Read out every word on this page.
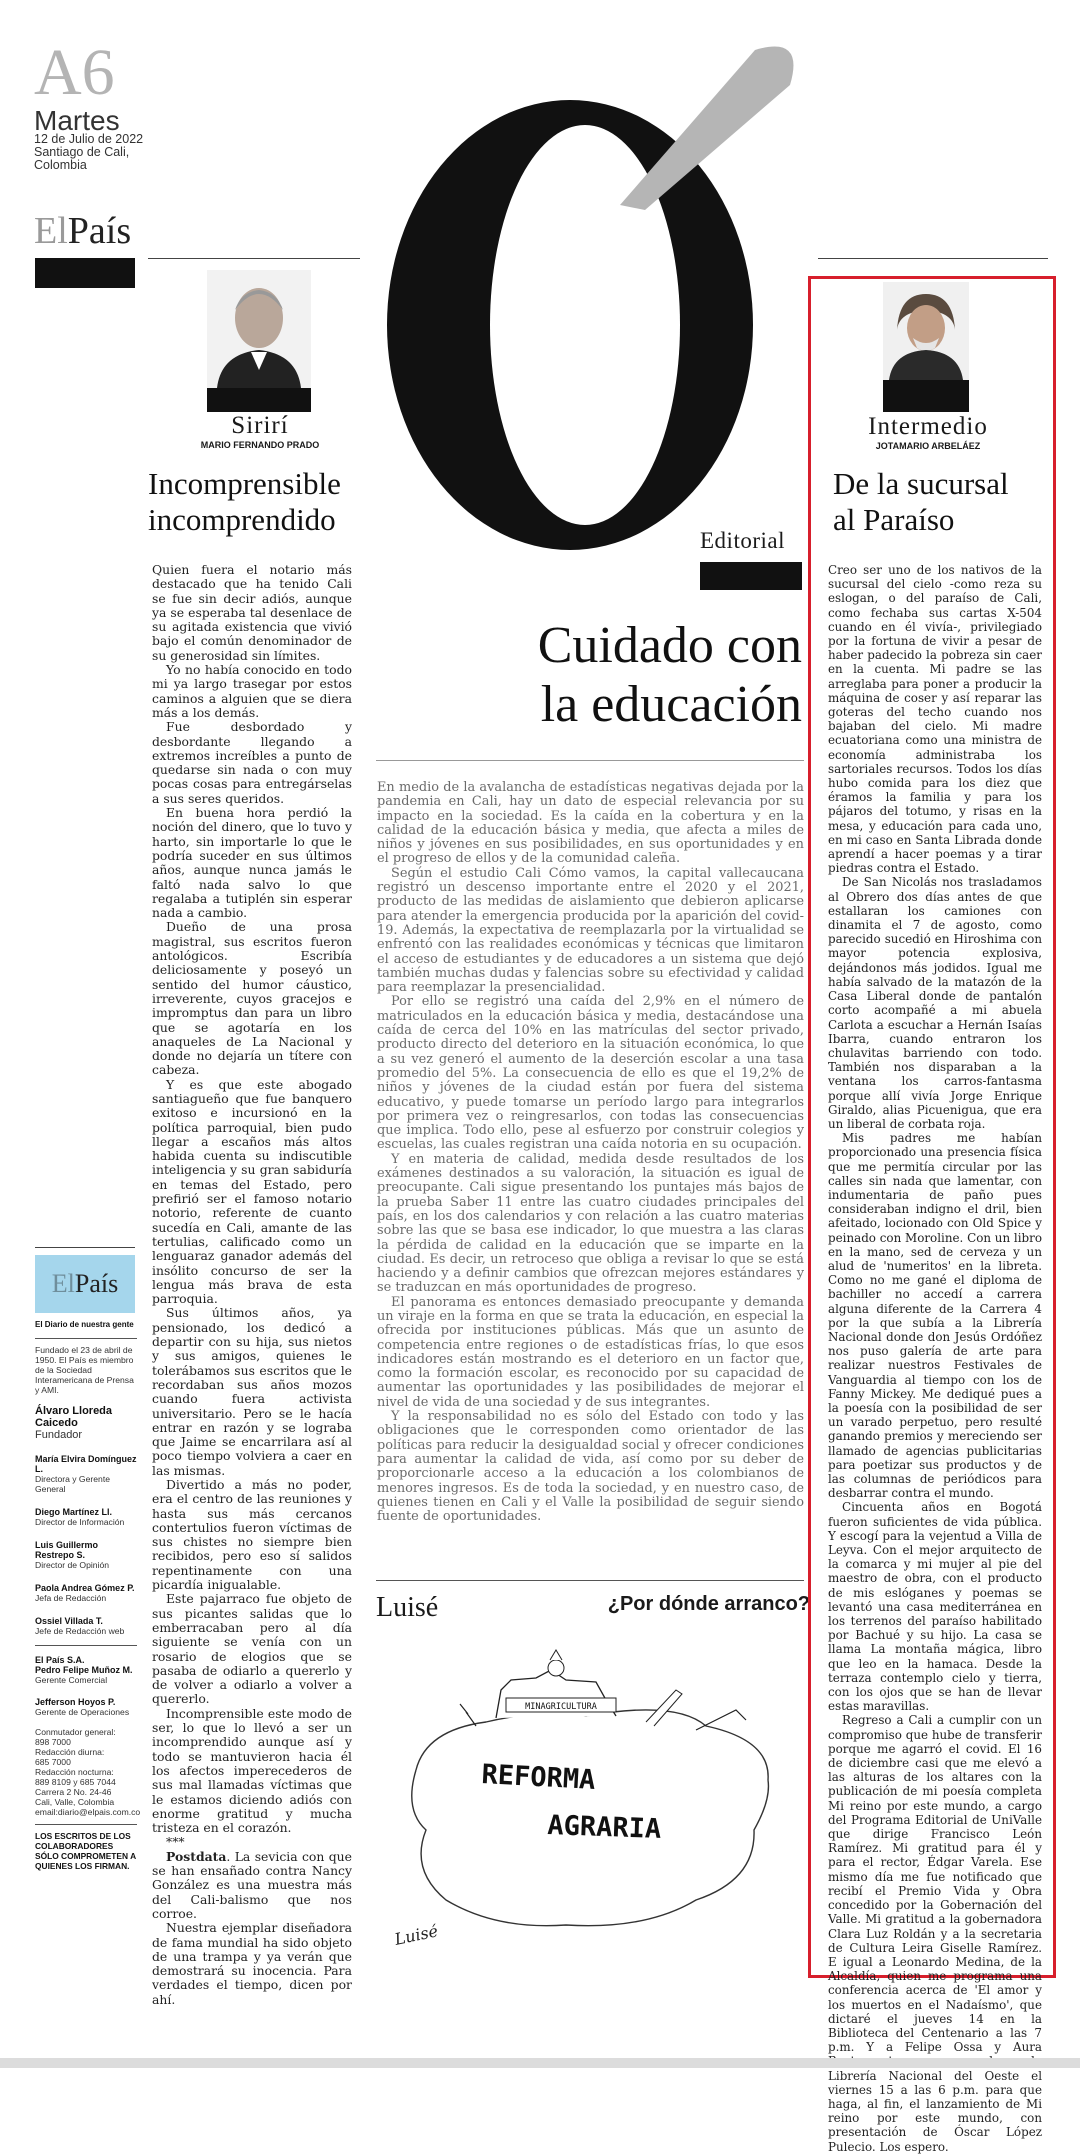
A6
Martes
12 de Julio de 2022
Santiago de Cali, Colombia
ElPaís
Sirirí
MARIO FERNANDO PRADO
Incomprensible
incomprendido

Quien fuera el notario más destacado que ha tenido Cali se fue sin decir adiós, aunque ya se esperaba tal desenlace de su agitada existencia que vivió bajo el común denominador de su generosidad sin límites.

Yo no había conocido en todo mi ya largo trasegar por estos caminos a alguien que se diera más a los demás.

Fue desbordado y desbordante llegando a extremos increíbles a punto de quedarse sin nada o con muy pocas cosas para entregárselas a sus seres queridos.

En buena hora perdió la noción del dinero, que lo tuvo y harto, sin importarle lo que le podría suceder en sus últimos años, aunque nunca jamás le faltó nada salvo lo que regalaba a tutiplén sin esperar nada a cambio.

Dueño de una prosa magistral, sus escritos fueron antológicos. Escribía deliciosamente y poseyó un sentido del humor cáustico, irreverente, cuyos gracejos e impromptus dan para un libro que se agotaría en los anaqueles de La Nacional y donde no dejaría un títere con cabeza.

Y es que este abogado santiagueño que fue banquero exitoso e incursionó en la política parroquial, bien pudo llegar a escaños más altos habida cuenta su indiscutible inteligencia y su gran sabiduría en temas del Estado, pero prefirió ser el famoso notario notorio, referente de cuanto sucedía en Cali, amante de las tertulias, calificado como un lenguaraz ganador además del insólito concurso de ser la lengua más brava de esta parroquia.

Sus últimos años, ya pensionado, los dedicó a departir con su hija, sus nietos y sus amigos, quienes le tolerábamos sus escritos que le recordaban sus años mozos cuando fuera activista universitario. Pero se le hacía entrar en razón y se lograba que Jaime se encarrilara así al poco tiempo volviera a caer en las mismas.

Divertido a más no poder, era el centro de las reuniones y hasta sus más cercanos contertulios fueron víctimas de sus chistes no siempre bien recibidos, pero eso sí salidos repentinamente con una picardía inigualable.

Este pajarraco fue objeto de sus picantes salidas que lo emberracaban pero al día siguiente se venía con un rosario de elogios que se pasaba de odiarlo a quererlo y de volver a odiarlo a volver a quererlo.

Incomprensible este modo de ser, lo que lo llevó a ser un incomprendido aunque así y todo se mantuvieron hacia él los afectos imperecederos de sus mal llamadas víctimas que le estamos diciendo adiós con enorme gratitud y mucha tristeza en el corazón.

***

Postdata. La sevicia con que se han ensañado contra Nancy González es una muestra más del Cali-balismo que nos corroe.

Nuestra ejemplar diseñadora de fama mundial ha sido objeto de una trampa y ya verán que demostrará su inocencia. Para verdades el tiempo, dicen por ahí.

ElPaís
El Diario de nuestra gente
Fundado el 23 de abril de 1950. El País es miembro de la Sociedad Interamericana de Prensa y AMI.
Álvaro Lloreda Caicedo
Fundador
María Elvira Domínguez L.
Directora y Gerente General
Diego Martínez Ll.
Director de Información
Luis Guillermo Restrepo S.
Director de Opinión
Paola Andrea Gómez P.
Jefa de Redacción
Ossiel Villada T.
Jefe de Redacción web
El País S.A.
Pedro Felipe Muñoz M.
Gerente Comercial
Jefferson Hoyos P.
Gerente de Operaciones
Conmutador general:
898 7000
Redacción diurna:
685 7000
Redacción nocturna:
889 8109 y 685 7044
Carrera 2 No. 24-46
Cali, Valle, Colombia
email:diario@elpais.com.co
LOS ESCRITOS DE LOS COLABORADORES SÓLO COMPROMETEN A QUIENES LOS FIRMAN.
Editorial
Cuidado con
la educación

En medio de la avalancha de estadísticas negativas dejada por la pandemia en Cali, hay un dato de especial relevancia por su impacto en la sociedad. Es la caída en la cobertura y en la calidad de la educación básica y media, que afecta a miles de niños y jóvenes en sus posibilidades, en sus oportunidades y en el progreso de ellos y de la comunidad caleña.

Según el estudio Cali Cómo vamos, la capital vallecaucana registró un descenso importante entre el 2020 y el 2021, producto de las medidas de aislamiento que debieron aplicarse para atender la emergencia producida por la aparición del covid-19. Además, la expectativa de reemplazarla por la virtualidad se enfrentó con las realidades económicas y técnicas que limitaron el acceso de estudiantes y de educadores a un sistema que dejó también muchas dudas y falencias sobre su efectividad y calidad para reemplazar la presencialidad.

Por ello se registró una caída del 2,9% en el número de matriculados en la educación básica y media, destacándose una caída de cerca del 10% en las matrículas del sector privado, producto directo del deterioro en la situación económica, lo que a su vez generó el aumento de la deserción escolar a una tasa promedio del 5%. La consecuencia de ello es que el 19,2% de niños y jóvenes de la ciudad están por fuera del sistema educativo, y puede tomarse un período largo para integrarlos por primera vez o reingresarlos, con todas las consecuencias que implica. Todo ello, pese al esfuerzo por construir colegios y escuelas, las cuales registran una caída notoria en su ocupación.

Y en materia de calidad, medida desde resultados de los exámenes destinados a su valoración, la situación es igual de preocupante. Cali sigue presentando los puntajes más bajos de la prueba Saber 11 entre las cuatro ciudades principales del país, en los dos calendarios y con relación a las cuatro materias sobre las que se basa ese indicador, lo que muestra a las claras la pérdida de calidad en la educación que se imparte en la ciudad. Es decir, un retroceso que obliga a revisar lo que se está haciendo y a definir cambios que ofrezcan mejores estándares y se traduzcan en más oportunidades de progreso.

El panorama es entonces demasiado preocupante y demanda un viraje en la forma en que se trata la educación, en especial la ofrecida por instituciones públicas. Más que un asunto de competencia entre regiones o de estadísticas frías, lo que esos indicadores están mostrando es el deterioro en un factor que, como la formación escolar, es reconocido por su capacidad de aumentar las oportunidades y las posibilidades de mejorar el nivel de vida de una sociedad y de sus integrantes.

Y la responsabilidad no es sólo del Estado con todo y las obligaciones que le corresponden como orientador de las políticas para reducir la desigualdad social y ofrecer condiciones para aumentar la calidad de vida, así como por su deber de proporcionarle acceso a la educación a los colombianos de menores ingresos. Es de toda la sociedad, y en nuestro caso, de quienes tienen en Cali y el Valle la posibilidad de seguir siendo fuente de oportunidades.

Luisé	¿Por dónde arranco?
MINAGRICULTURA
REFORMA
AGRARIA
Luisé
Intermedio
JOTAMARIO ARBELÁEZ
De la sucursal
al Paraíso

Creo ser uno de los nativos de la sucursal del cielo -como reza su eslogan, o del paraíso de Cali, como fechaba sus cartas X-504 cuando en él vivía-, privilegiado por la fortuna de vivir a pesar de haber padecido la pobreza sin caer en la cuenta. Mi padre se las arreglaba para poner a producir la máquina de coser y así reparar las goteras del techo cuando nos bajaban del cielo. Mi madre ecuatoriana como una ministra de economía administraba los sartoriales recursos. Todos los días hubo comida para los diez que éramos la familia y para los pájaros del totumo, y risas en la mesa, y educación para cada uno, en mi caso en Santa Librada donde aprendí a hacer poemas y a tirar piedras contra el Estado.

De San Nicolás nos trasladamos al Obrero dos días antes de que estallaran los camiones con dinamita el 7 de agosto, como parecido sucedió en Hiroshima con mayor potencia explosiva, dejándonos más jodidos. Igual me había salvado de la matazón de la Casa Liberal donde de pantalón corto acompañé a mi abuela Carlota a escuchar a Hernán Isaías Ibarra, cuando entraron los chulavitas barriendo con todo. También nos disparaban a la ventana los carros-fantasma porque allí vivía Jorge Enrique Giraldo, alias Picuenigua, que era un liberal de corbata roja.

Mis padres me habían proporcionado una presencia física que me permitía circular por las calles sin nada que lamentar, con indumentaria de paño pues consideraban indigno el dril, bien afeitado, locionado con Old Spice y peinado con Moroline. Con un libro en la mano, sed de cerveza y un alud de 'numeritos' en la libreta. Como no me gané el diploma de bachiller no accedí a carrera alguna diferente de la Carrera 4 por la que subía a la Librería Nacional donde don Jesús Ordóñez nos puso galería de arte para realizar nuestros Festivales de Vanguardia al tiempo con los de Fanny Mickey. Me dediqué pues a la poesía con la posibilidad de ser un varado perpetuo, pero resulté ganando premios y mereciendo ser llamado de agencias publicitarias para poetizar sus productos y de las columnas de periódicos para desbarrar contra el mundo.

Cincuenta años en Bogotá fueron suficientes de vida pública. Y escogí para la vejentud a Villa de Leyva. Con el mejor arquitecto de la comarca y mi mujer al pie del maestro de obra, con el producto de mis eslóganes y poemas se levantó una casa mediterránea en los terrenos del paraíso habilitado por Bachué y su hijo. La casa se llama La montaña mágica, libro que leo en la hamaca. Desde la terraza contemplo cielo y tierra, con los ojos que se han de llevar estas maravillas.

Regreso a Cali a cumplir con un compromiso que hube de transferir porque me agarró el covid. El 16 de diciembre casi que me elevó a las alturas de los altares con la publicación de mi poesía completa Mi reino por este mundo, a cargo del Programa Editorial de UniValle que dirige Francisco León Ramírez. Mi gratitud para él y para el rector, Édgar Varela. Ese mismo día me fue notificado que recibí el Premio Vida y Obra concedido por la Gobernación del Valle. Mi gratitud a la gobernadora Clara Luz Roldán y a la secretaria de Cultura Leira Giselle Ramírez. E igual a Leonardo Medina, de la Alcaldía, quien me programa una conferencia acerca de 'El amor y los muertos en el Nadaísmo', que dictaré el jueves 14 en la Biblioteca del Centenario a las 7 p.m. Y a Felipe Ossa y Aura Librería Nacional del Oeste el viernes 15 a las 6 p.m. para que haga, al fin, el lanzamiento de Mi reino por este mundo, con presentación de Óscar López Pulecio. Los espero.
